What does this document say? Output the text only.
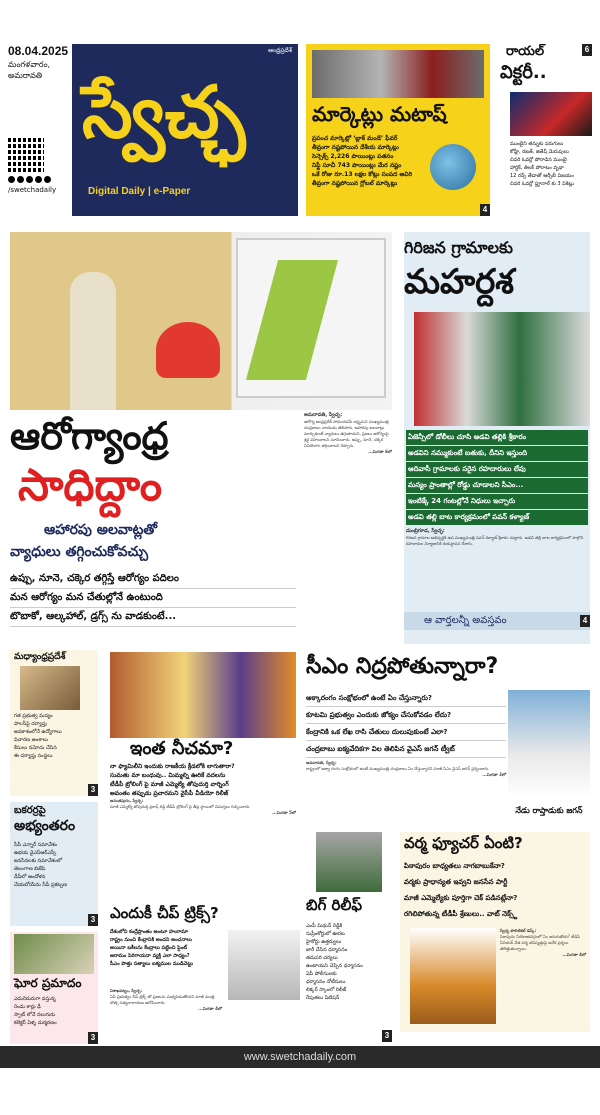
08.04.2025
మంగళవారం,
అమరావతి
/swetchadaily
ఆంధ్రప్రదేశ్
స్వేచ్ఛ
Digital Daily | e-Paper
మార్కెట్లు మటాష్
ప్రపంచ మార్కెట్లో ‘బ్లాక్ మండే’ ఫీవర్
తీవ్రంగా నష్టపోయిన దేశీయ మార్కెట్లు
సెన్సెక్స్ 2,226 పాయింట్లు పతనం
నిఫ్టీ సూచీ 743 పాయింట్లు మేర నష్టం
ఒకే రోజు రూ.13 లక్షల కోట్లు సంపద ఆవిరి
తీవ్రంగా నష్టపోయిన గ్లోబల్ మార్కెట్లు
4
రాయల్
విక్టరీ..
ముంబైని తన్నుకు పరుగులు
కోహ్లీ, రజత్, జితేష్ మెరుపులు
చివరి ఓవర్లో పోరాడిన ముంబై
హార్దిక్, తిలక్ పోరాటం వృథా
12 రన్స్ తేడాతో ఆర్సీబీ విజయం
చివరి ఓవర్లో ఫ్రూనాల్ కు 3 వికెట్లు
6
ఆరోగ్యాంధ్ర
సాధిద్దాం
ఆహారపు అలవాట్లతో
వ్యాధులు తగ్గించుకోవచ్చు
ఉప్పు, నూనె, చక్కెర తగ్గిస్తే ఆరోగ్యం పదిలం
మన ఆరోగ్యం మన చేతుల్లోనే ఉంటుంది
టొబాకో, ఆల్కహాల్, డ్రగ్స్ ను వాడకుంటే...
అమరావతి, స్వేచ్ఛ:
ఆరోగ్య ఆంధ్రప్రదేశ్ సాధించడమే లక్ష్యమని ముఖ్యమంత్రి చంద్రబాబు నాయుడు తెలిపారు. ఆహారపు అలవాట్లు మార్చుకుంటే వ్యాధులు తగ్గుతాయని, ప్రజలు ఆరోగ్యంపై శ్రద్ధ వహించాలని సూచించారు. ఉప్పు, నూనె, చక్కెర వినియోగం తగ్గించాలని చెప్పారు.
...మిగతా 6లో
గిరిజన గ్రామాలకు
మహర్దశ
ఏజెన్సీలో డోలీలు చూసి అడవి తల్లికి శ్రీకారం
అడవిని నమ్ముకుంటే బతుకు, దీనిని ఇస్తుంది
ఆదివాసీ గ్రామాలకు సరైన రహదారులు లేవు
మన్యం ప్రాంతాల్లో రోడ్డు చూడాలని సీఎం...
ఇంటిక్కే 24 గంటల్లోనే నిధులు ఇచ్చారు
అడవి తల్లి బాట కార్యక్రమంలో పవన్ కళ్యాణ్
డుంబ్రిగూడ, స్వేచ్ఛ:
గిరిజన గ్రామాల అభివృద్ధికి ఉప ముఖ్యమంత్రి పవన్ కళ్యాణ్ శ్రీకారం చుట్టారు. అడవి తల్లి బాట కార్యక్రమంలో పాల్గొని రహదారుల నిర్మాణానికి శంకుస్థాపన చేశారు.
ఆ వార్తలన్నీ అవస్తవం	4
మధ్యాంధ్రప్రదేశ్
గత ప్రభుత్వ మద్యం
పాలసీపై దర్యాప్తు
అవకాశంలోనే ఉద్యోగాలు
విచారణ అంశాలు
కేసులు నమోదు చేసిన
ఈ దర్యాప్తు సంస్థలు
3
ఇంత నీచమా?
నా ఫ్యామిలీని ఇందుకు రాజకీయ క్రీడలోకి లాగుతారా?
సుమతు మా బంధువు.. మిమ్మల్ని ఊరికే వదలను
టీడీపీ ట్రోలింగ్ పై మాజీ ఎమ్మెల్యే తోపుదుర్తి వార్నింగ్
అవంతం తప్పుడు ప్రచారమని వైసీపీ వీడియో రిలీజ్
అనంతపురం, స్వేచ్ఛ:
మాజీ ఎమ్మెల్యే తోపుదుర్తి ప్రకాష్ రెడ్డి టీడీపీ ట్రోలింగ్ పై తీవ్ర స్థాయిలో విమర్శలు గుప్పించారు.
...మిగతా 5లో
సీఎం నిద్రపోతున్నారా?
అక్కారంగం సంక్షోభంలో ఉంటే ఏం చేస్తున్నారు?
కూటమి ప్రభుత్వం ఎందుకు జోక్యం చేసుకోవడం లేదు?
కేంద్రానికి ఒక లేఖ రాసి చేతులు దులుపుకుంటే ఎలా?
చంద్రబాబు ఐక్యవేదికగా విల తెలిపిన వైఎస్ జగన్ ట్వీట్
అమరావతి, స్వేచ్ఛ:
రాష్ట్రంలో ఆక్వా రంగం సంక్షోభంలో ఉంటే ముఖ్యమంత్రి చంద్రబాబు ఏం చేస్తున్నారని మాజీ సీఎం వైఎస్ జగన్ ప్రశ్నించారు.
...మిగతా 3లో
నేడు రాప్తాడుకు జగన్
బకరర్రపై
అభ్యంతరం
సీపీ ఎన్నార్ సమావేశం
ఉభయ వైఎస్ఆర్ఎస్సీ
జనసేనలకు సమావేశంలో
తెలంగాణ బిజేపి
డీపీలో ఆందోళన
చేయబోయేను సీపీ ప్రకట్చణ
3
వర్మ ఫ్యూచర్ ఏంటి?
పిఠాపురం బాధ్యతలు నాగబాబుకేనా?
వర్మకు ప్రాధాన్యత ఇవ్వని జనసేన పార్టీ
మాజీ ఎమ్మెల్యేకు పూర్తిగా చెక్ పడినట్లేనా?
రగిలిపోతున్న టీడీపీ శ్రేణులు.. వాట్ నెక్స్ట్
స్వేచ్ఛ పొలిటికల్ డెస్క్:
పిఠాపురం నియోజకవర్గంలో ఏం జరుగుతోంది? టీడీపీ సీనియర్ నేత వర్మ భవిష్యత్తుపై అనేక ప్రశ్నలు తలెత్తుతున్నాయి.
...మిగతా 4లో
ఎందుకీ చీప్ ట్రిక్స్?
దేశంలోని కంద్రేప్రాంతం అంటూ హంగామా
రాష్ట్రం నుంచి కేంద్రానికి అందని అంచనాలు
అయినా బకీలను కేంద్రాలు పట్టించి ఫ్లెంట్
ఆరామం పెరిగాయనా వ్యక్తి ఎలా సాధ్యం?
సీఎం పొత్తు సత్యాలు ఐక్యముల ముడిచెట్టు
విశాఖపట్నం, స్వేచ్ఛ:
ఏపీ ప్రభుత్వం చీప్ ట్రిక్స్ తో ప్రజలను మభ్యపెడుతోందని మాజీ మంత్రి బొత్స సత్యనారాయణ ఆరోపించారు.
...మిగతా 4లో
బిగ్ రిలీఫ్
ఎంపీ మిథున్ రెడ్డికి
సుప్రీంకోర్టులో ఊరట
హైకోర్టు ఉత్తర్వులు
జారీ చేసిన ధర్మాసనం
తదుపరి చర్యలు
ఉంటాయని చెప్పిన ధర్మాసనం
ఏపీ పోలీసులకు
ధర్మాసనం నోటీసులు
లిక్కర్ స్కాంలో రిలీజ్
రేపుతలు పిటిషన్
3
ఘోర ప్రమాదం
ఎదురెదురుగా వస్తున్న
రెండు కార్లు ఢీ
స్పాట్ లోనే నలుగురు
కలెక్టర్ ఏళ్ళ దుర్మరణం
3
www.swetchadaily.com
